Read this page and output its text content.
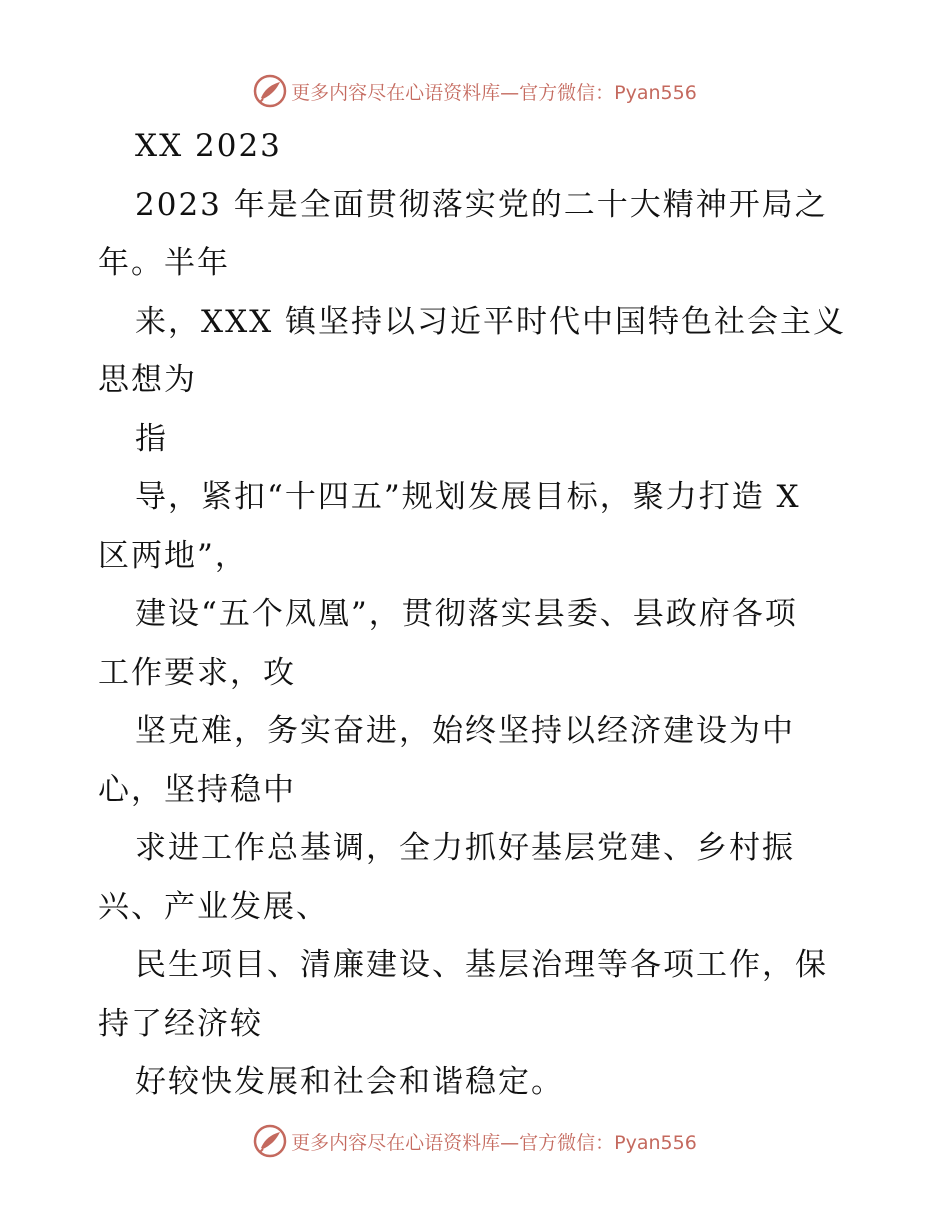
更多内容尽在心语资料库—官方微信：Pyan556
XX 2023
2023 年是全面贯彻落实党的二十大精神开局之
年。半年
来，XXX 镇坚持以习近平时代中国特色社会主义
思想为
指
导，紧扣“十四五”规划发展目标，聚力打造 X
区两地”，
建设“五个凤凰”，贯彻落实县委、县政府各项
工作要求，攻
坚克难，务实奋进，始终坚持以经济建设为中
心，坚持稳中
求进工作总基调，全力抓好基层党建、乡村振
兴、产业发展、
民生项目、清廉建设、基层治理等各项工作，保
持了经济较
好较快发展和社会和谐稳定。
更多内容尽在心语资料库—官方微信：Pyan556
